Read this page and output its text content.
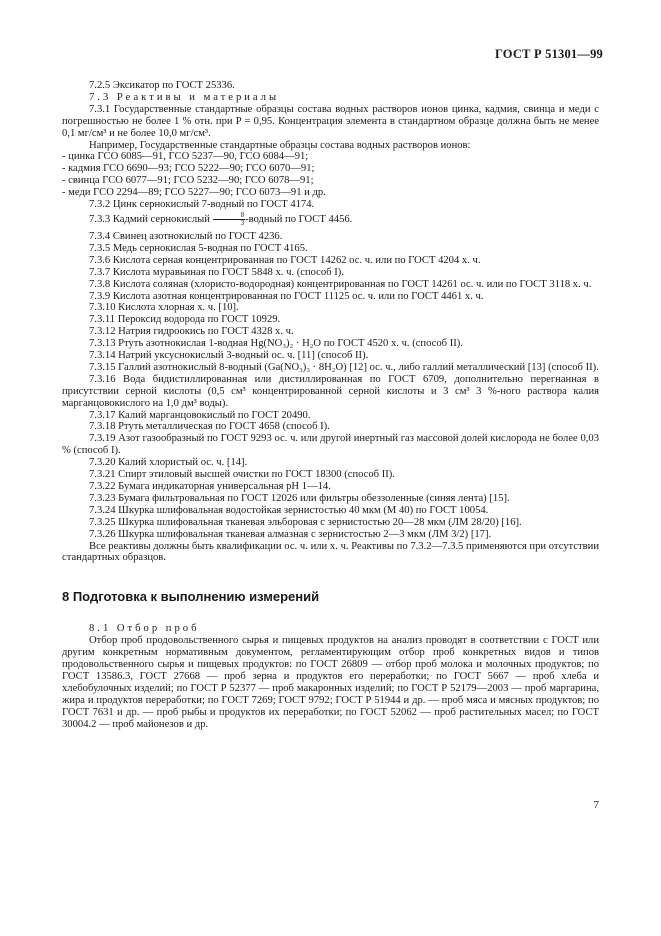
ГОСТ Р 51301—99
7.2.5 Эксикатор по ГОСТ 25336.
7.3 Реактивы и материалы
7.3.1 Государственные стандартные образцы состава водных растворов ионов цинка, кадмия, свинца и меди с погрешностью не более 1 % отн. при P = 0,95. Концентрация элемента в стандартном образце должна быть не менее 0,1 мг/см³ и не более 10,0 мг/см³.
Например, Государственные стандартные образцы состава водных растворов ионов:
- цинка ГСО 6085—91, ГСО 5237—90, ГСО 6084—91;
- кадмия ГСО 6690—93; ГСО 5222—90; ГСО 6070—91;
- свинца ГСО 6077—91; ГСО 5232—90; ГСО 6078—91;
- меди ГСО 2294—89; ГСО 5227—90; ГСО 6073—91 и др.
7.3.2 Цинк сернокислый 7-водный по ГОСТ 4174.
7.3.3 Кадмий сернокислый $\frac{8}{3}$ -водный по ГОСТ 4456.
7.3.4 Свинец азотнокислый по ГОСТ 4236.
7.3.5 Медь сернокислая 5-водная по ГОСТ 4165.
7.3.6 Кислота серная концентрированная по ГОСТ 14262 ос. ч. или по ГОСТ 4204 х. ч.
7.3.7 Кислота муравьиная по ГОСТ 5848 х. ч. (способ I).
7.3.8 Кислота соляная (хлористо-водородная) концентрированная по ГОСТ 14261 ос. ч. или по ГОСТ 3118 х. ч.
7.3.9 Кислота азотная концентрированная по ГОСТ 11125 ос. ч. или по ГОСТ 4461 х. ч.
7.3.10 Кислота хлорная х. ч. [10].
7.3.11 Пероксид водорода по ГОСТ 10929.
7.3.12 Натрия гидроокись по ГОСТ 4328 х. ч.
7.3.13 Ртуть азотнокислая 1-водная Hg(NO₃)₂ · H₂O по ГОСТ 4520 х. ч. (способ II).
7.3.14 Натрий уксуснокислый 3-водный ос. ч. [11] (способ II).
7.3.15 Галлий азотнокислый 8-водный (Ga(NO₃)₃ · 8H₂O) [12] ос. ч., либо галлий металлический [13] (способ II).
7.3.16 Вода бидистиллированная или дистиллированная по ГОСТ 6709, дополнительно перегнанная в присутствии серной кислоты (0,5 см³ концентрированной серной кислоты и 3 см³ 3 %-ного раствора калия марганцовокислого на 1,0 дм³ воды).
7.3.17 Калий марганцовокислый по ГОСТ 20490.
7.3.18 Ртуть металлическая по ГОСТ 4658 (способ I).
7.3.19 Азот газообразный по ГОСТ 9293 ос. ч. или другой инертный газ массовой долей кислорода не более 0,03 % (способ I).
7.3.20 Калий хлористый ос. ч. [14].
7.3.21 Спирт этиловый высшей очистки по ГОСТ 18300 (способ II).
7.3.22 Бумага индикаторная универсальная рН 1—14.
7.3.23 Бумага фильтровальная по ГОСТ 12026 или фильтры обеззоленные (синяя лента) [15].
7.3.24 Шкурка шлифовальная водостойкая зернистостью 40 мкм (М 40) по ГОСТ 10054.
7.3.25 Шкурка шлифовальная тканевая эльборовая с зернистостью 20—28 мкм (ЛМ 28/20) [16].
7.3.26 Шкурка шлифовальная тканевая алмазная с зернистостью 2—3 мкм (ЛМ 3/2) [17].
Все реактивы должны быть квалификации ос. ч. или х. ч. Реактивы по 7.3.2—7.3.5 применяются при отсутствии стандартных образцов.
8 Подготовка к выполнению измерений
8.1 Отбор проб
Отбор проб продовольственного сырья и пищевых продуктов на анализ проводят в соответствии с ГОСТ или другим конкретным нормативным документом, регламентирующим отбор проб конкретных видов и типов продовольственного сырья и пищевых продуктов: по ГОСТ 26809 — отбор проб молока и молочных продуктов; по ГОСТ 13586.3, ГОСТ 27668 — проб зерна и продуктов его переработки; по ГОСТ 5667 — проб хлеба и хлебобулочных изделий; по ГОСТ Р 52377 — проб макаронных изделий; по ГОСТ Р 52179—2003 — проб маргарина, жира и продуктов переработки; по ГОСТ 7269; ГОСТ 9792; ГОСТ Р 51944 и др. — проб мяса и мясных продуктов; по ГОСТ 7631 и др. — проб рыбы и продуктов их переработки; по ГОСТ 52062 — проб растительных масел; по ГОСТ 30004.2 — проб майонезов и др.
7
